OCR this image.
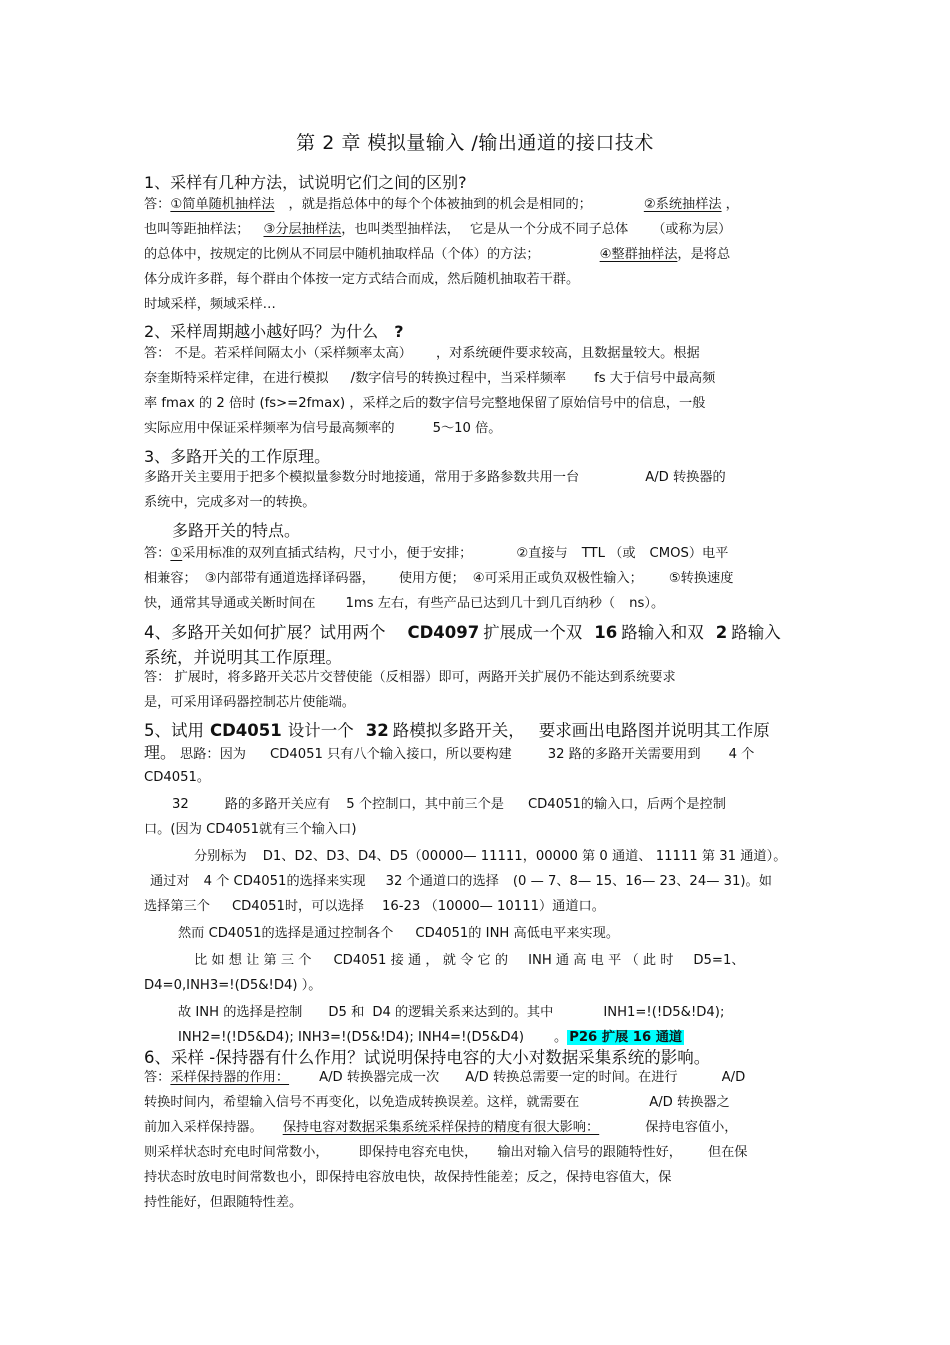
第 2 章 模拟量输入 /输出通道的接口技术
1、采样有几种方法，试说明它们之间的区别?
答：①简单随机抽样法 ，就是指总体中的每个个体被抽到的机会是相同的；	②系统抽样法 ，
也叫等距抽样法； ③分层抽样法，也叫类型抽样法， 它是从一个分成不同子总体 （或称为层）
的总体中，按规定的比例从不同层中随机抽取样品（个体）的方法；	④整群抽样法，是将总
体分成许多群，每个群由个体按一定方式结合而成，然后随机抽取若干群。
时域采样，频域采样…
2、采样周期越小越好吗？为什么 ?
答： 不是。若采样间隔太小（采样频率太高） ，对系统硬件要求较高，且数据量较大。根据
奈奎斯特采样定律，在进行模拟 /数字信号的转换过程中，当采样频率 fs 大于信号中最高频
率 fmax 的 2 倍时 (fs>=2fmax) ，采样之后的数字信号完整地保留了原始信号中的信息，一般
实际应用中保证采样频率为信号最高频率的	5～10 倍。
3、多路开关的工作原理。
多路开关主要用于把多个模拟量参数分时地接通，常用于多路参数共用一台	A/D 转换器的
系统中，完成多对一的转换。
多路开关的特点。
答：①采用标准的双列直插式结构，尺寸小，便于安排；	②直接与 TTL （或 CMOS）电平
相兼容； ③内部带有通道选择译码器， 使用方便； ④可采用正或负双极性输入； ⑤转换速度
快，通常其导通或关断时间在 1ms 左右，有些产品已达到几十到几百纳秒（ ns）。
4、多路开关如何扩展？试用两个 CD4097 扩展成一个双 16 路输入和双 2 路输入
系统，并说明其工作原理。
答： 扩展时，将多路开关芯片交替使能（反相器）即可，两路开关扩展仍不能达到系统要求
是，可采用译码器控制芯片使能端。
5、试用 CD4051 设计一个 32 路模拟多路开关， 要求画出电路图并说明其工作原
理。 思路：因为 CD4051 只有八个输入接口，所以要构建	32 路的多路开关需要用到 4 个
CD4051。
32	路的多路开关应有 5 个控制口，其中前三个是 CD4051的输入口，后两个是控制
口。(因为 CD4051就有三个输入口)
分别标为 D1、D2、D3、D4、D5（00000— 11111，00000 第 0 通道、 11111 第 31 通道）。
通过对 4 个 CD4051的选择来实现 32 个通道口的选择 (0 — 7、8— 15、16— 23、24— 31)。如
选择第三个 CD4051时，可以选择 16-23 （10000— 10111）通道口。
然而 CD4051的选择是通过控制各个 CD4051的 INH 高低电平来实现。
比 如 想 让 第 三 个 CD4051 接 通 ， 就 令 它 的 INH 通 高 电 平 （ 此 时 D5=1、
D4=0,INH3=!(D5&!D4) ）。
故 INH 的选择是控制 D5 和 D4 的逻辑关系来达到的。其中	INH1=!(!D5&!D4);
INH2=!(!D5&D4); INH3=!(D5&!D4); INH4=!(D5&D4) 。 P26 扩展 16 通道
6、采样 -保持器有什么作用？试说明保持电容的大小对数据采集系统的影响。
答：采样保持器的作用： A/D 转换器完成一次 A/D 转换总需要一定的时间。在进行	A/D
转换时间内，希望输入信号不再变化，以免造成转换误差。这样，就需要在	A/D 转换器之
前加入采样保持器。 保持电容对数据采集系统采样保持的精度有很大影响：	保持电容值小，
则采样状态时充电时间常数小， 即保持电容充电快， 输出对输入信号的跟随特性好， 但在保
持状态时放电时间常数也小，即保持电容放电快，故保持性能差；反之，保持电容值大，保
持性能好，但跟随特性差。
